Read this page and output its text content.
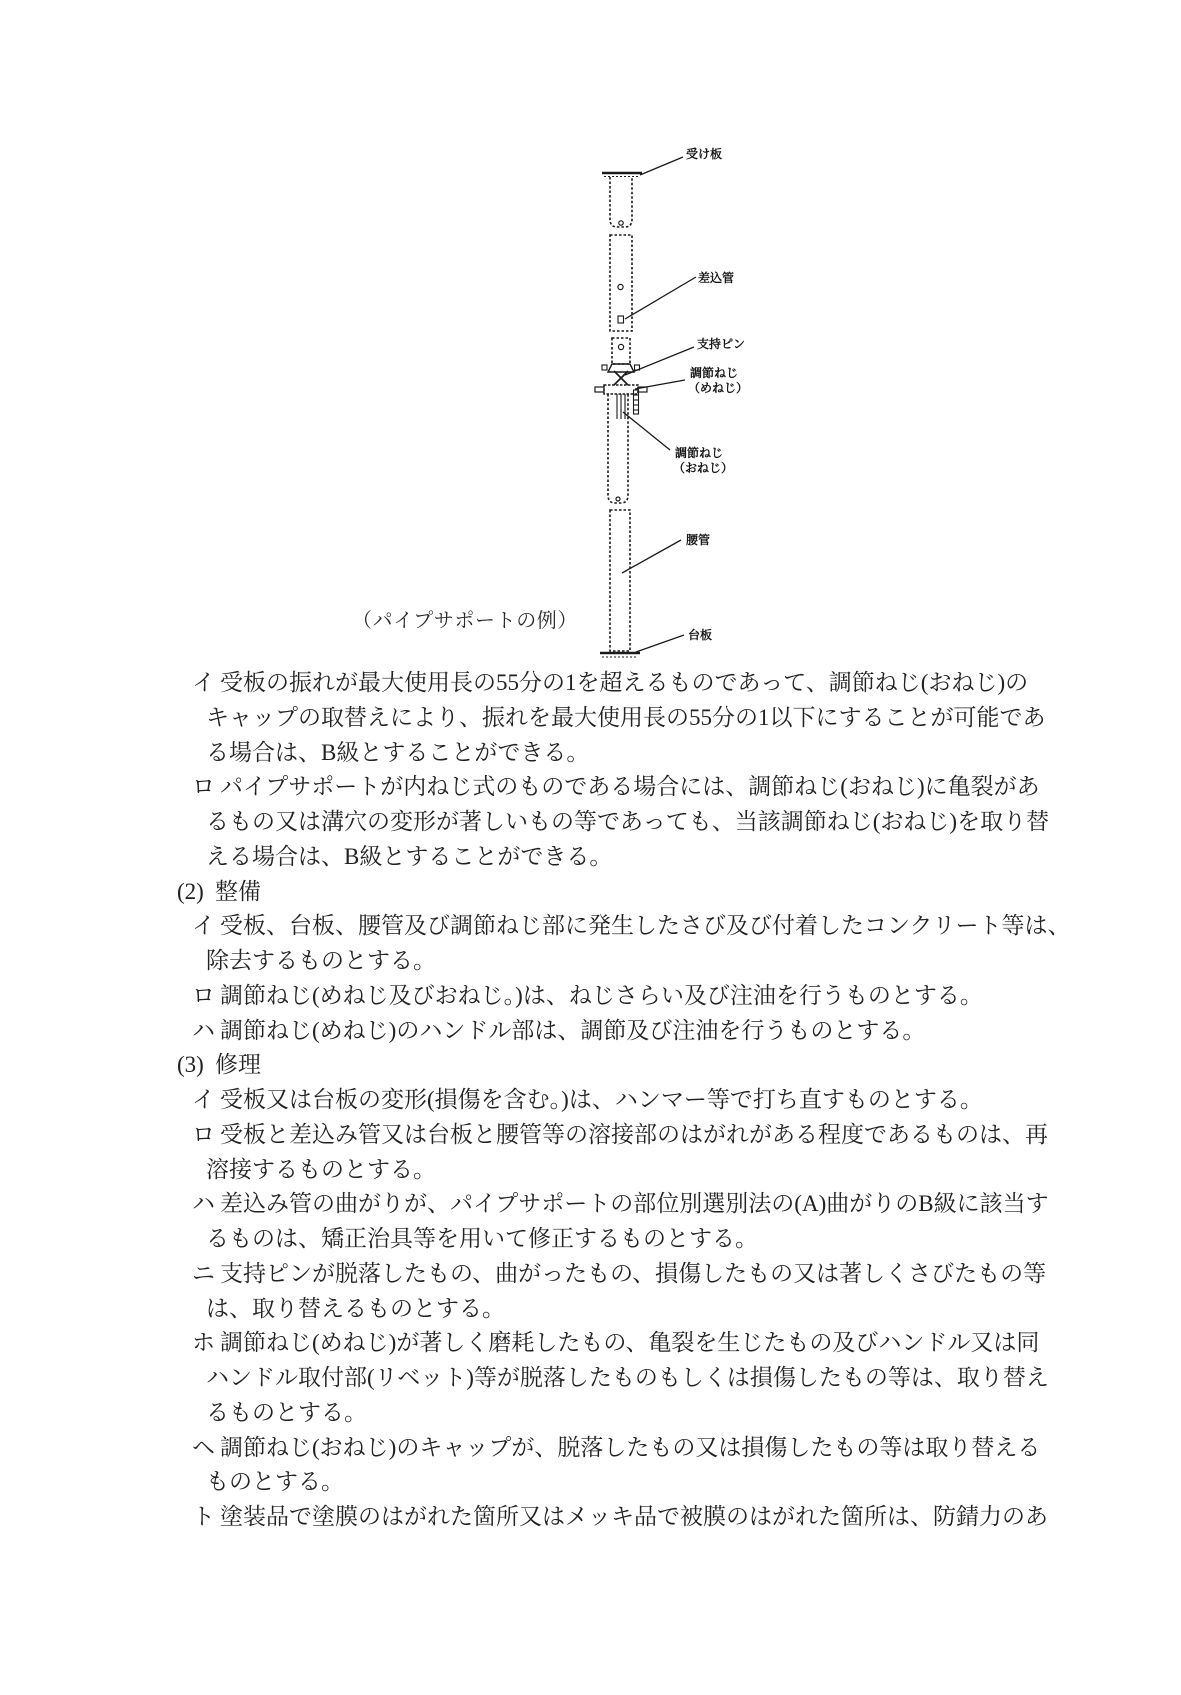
受け板
差込管
支持ピン
調節ねじ
（めねじ）
調節ねじ
（おねじ）
腰管
台板
（パイプサポートの例）
イ 受板の振れが最大使用長の55分の1を超えるものであって、調節ねじ(おねじ)の
キャップの取替えにより、振れを最大使用長の55分の1以下にすることが可能であ
る場合は、B級とすることができる。
ロ パイプサポートが内ねじ式のものである場合には、調節ねじ(おねじ)に亀裂があ
るもの又は溝穴の変形が著しいもの等であっても、当該調節ねじ(おねじ)を取り替
える場合は、B級とすることができる。
(2) 整備
イ 受板、台板、腰管及び調節ねじ部に発生したさび及び付着したコンクリート等は、
除去するものとする。
ロ 調節ねじ(めねじ及びおねじ。)は、ねじさらい及び注油を行うものとする。
ハ 調節ねじ(めねじ)のハンドル部は、調節及び注油を行うものとする。
(3) 修理
イ 受板又は台板の変形(損傷を含む。)は、ハンマー等で打ち直すものとする。
ロ 受板と差込み管又は台板と腰管等の溶接部のはがれがある程度であるものは、再
溶接するものとする。
ハ 差込み管の曲がりが、パイプサポートの部位別選別法の(A)曲がりのB級に該当す
るものは、矯正治具等を用いて修正するものとする。
ニ 支持ピンが脱落したもの、曲がったもの、損傷したもの又は著しくさびたもの等
は、取り替えるものとする。
ホ 調節ねじ(めねじ)が著しく磨耗したもの、亀裂を生じたもの及びハンドル又は同
ハンドル取付部(リベット)等が脱落したものもしくは損傷したもの等は、取り替え
るものとする。
ヘ 調節ねじ(おねじ)のキャップが、脱落したもの又は損傷したもの等は取り替える
ものとする。
ト 塗装品で塗膜のはがれた箇所又はメッキ品で被膜のはがれた箇所は、防錆力のあ
